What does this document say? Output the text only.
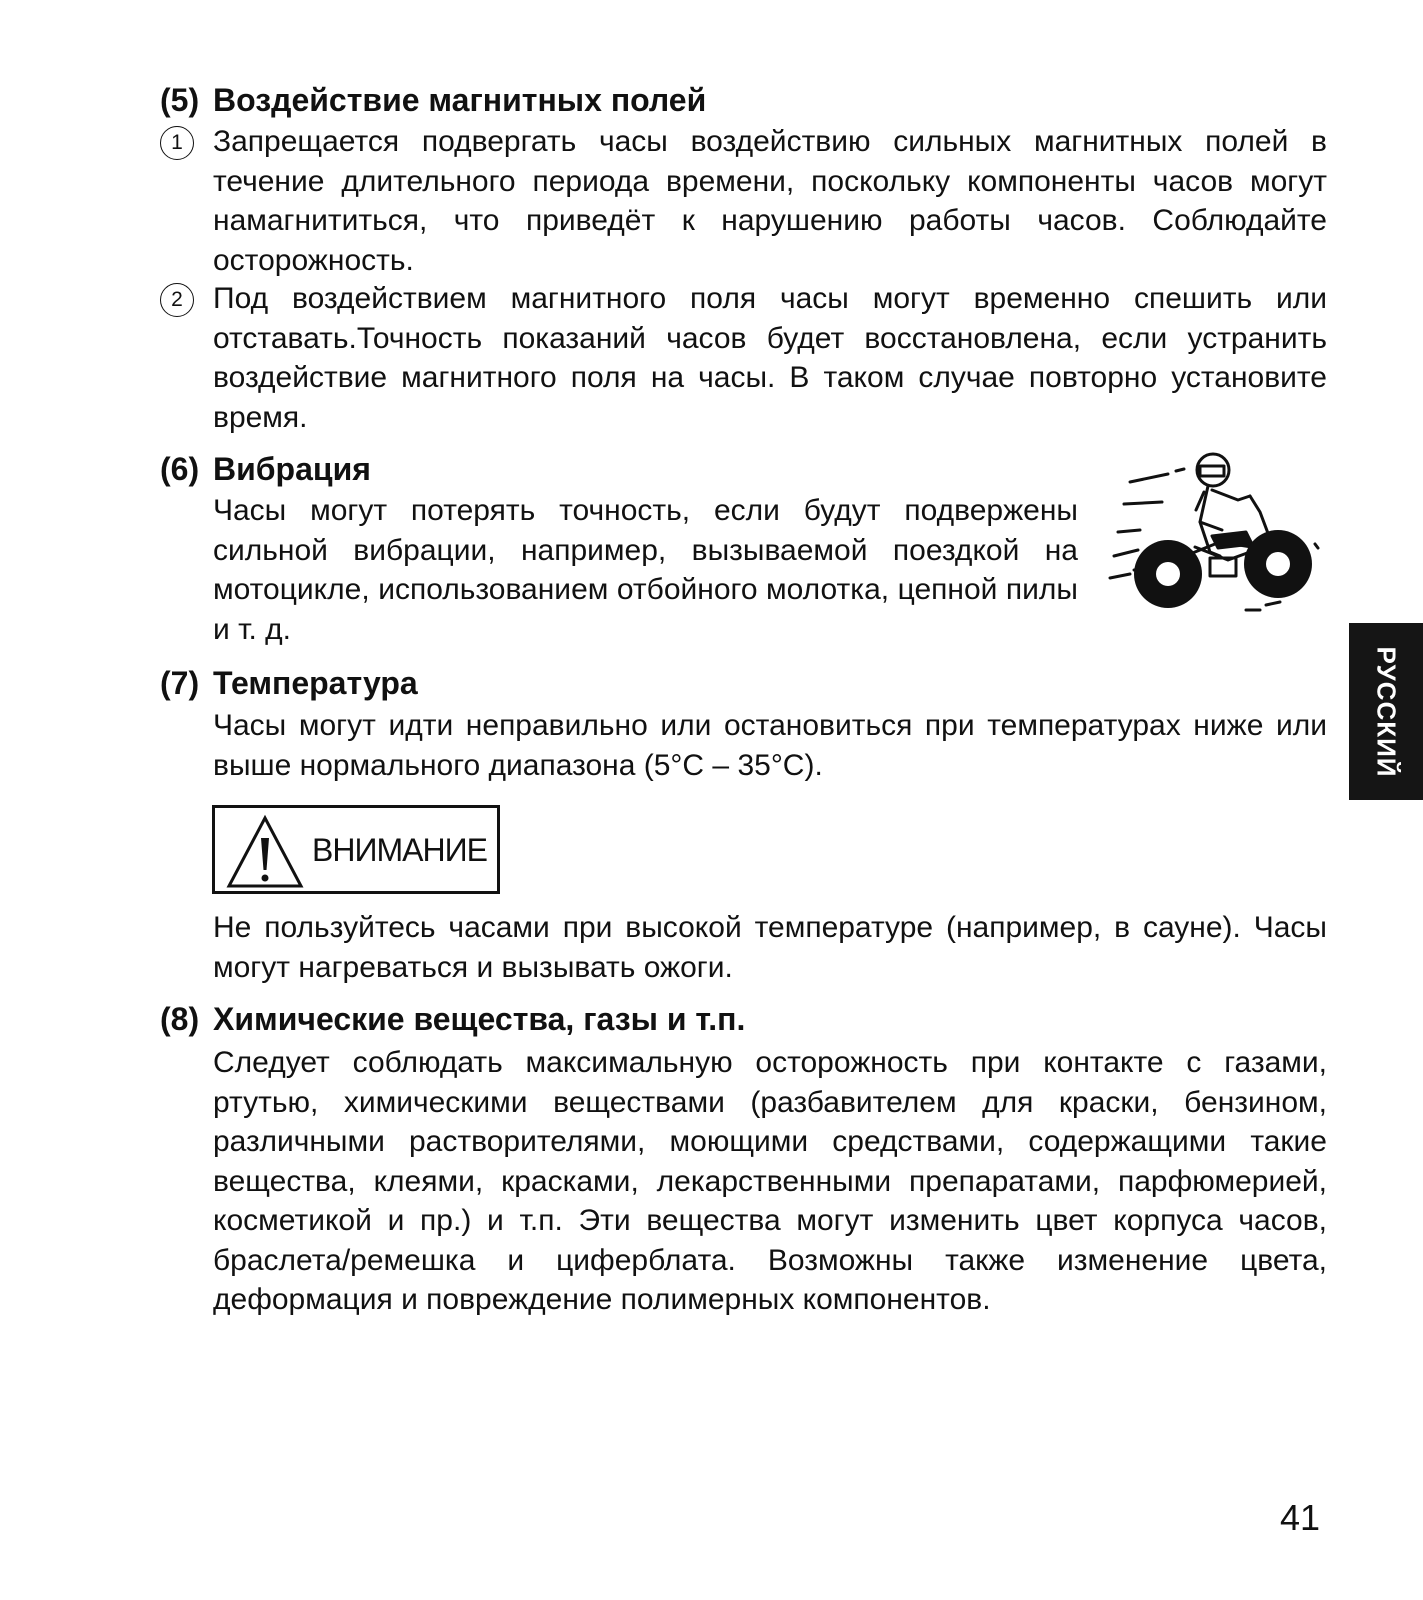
(5) Воздействие магнитных полей
1	Запрещается подвергать часы воздействию сильных магнитных полей в течение длительного периода времени, поскольку компоненты часов могут намагнититься, что приведёт к нарушению работы часов. Соблюдайте осторожность.
2	Под воздействием магнитного поля часы могут временно спешить или отставать.Точность показаний часов будет восстановлена, если устранить воздействие магнитного поля на часы. В таком случае повторно установите время.
(6) Вибрация
Часы могут потерять точность, если будут подвержены сильной вибрации, например, вызываемой поездкой на мотоцикле, использованием отбойного молотка, цепной пилы и т. д.
(7) Температура
Часы могут идти неправильно или остановиться при температурах ниже или выше нормального диапазона (5°C – 35°C).
ВНИМАНИЕ
Не пользуйтесь часами при высокой температуре (например, в сауне). Часы могут нагреваться и вызывать ожоги.
(8) Химические вещества, газы и т.п.
Следует соблюдать максимальную осторожность при контакте с газами, ртутью, химическими веществами (разбавителем для краски, бензином, различными растворителями, моющими средствами, содержащими такие вещества, клеями, красками, лекарственными препаратами, парфюмерией, косметикой и пр.) и т.п. Эти вещества могут изменить цвет корпуса часов, браслета/ремешка и циферблата. Возможны также изменение цвета, деформация и повреждение полимерных компонентов.
РУССКИЙ
41
